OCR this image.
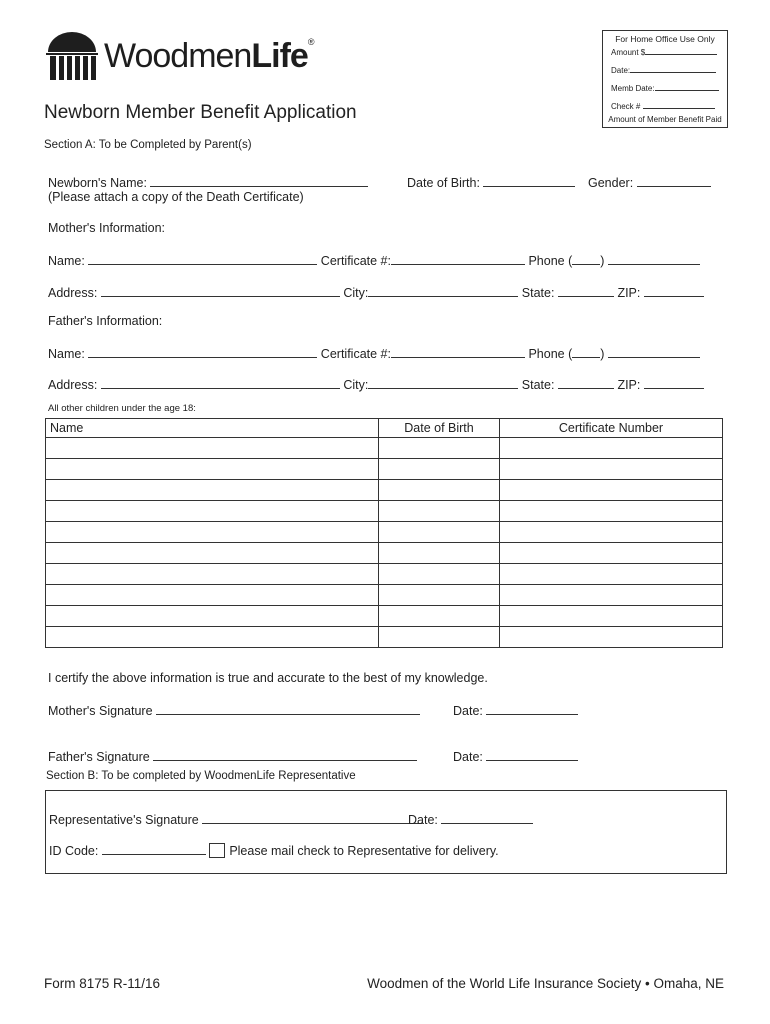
WoodmenLife®	For Home Office Use Only
Amount $
Date:
Memb Date:
Check #
Amount of Member Benefit Paid
Newborn Member Benefit Application
Section A: To be Completed by Parent(s)
Newborn's Name:
(Please attach a copy of the Death Certificate)
Date of Birth:	Gender:
Mother's Information:
Name:	Certificate #:	Phone ( )
Address:	City:	State:	ZIP:
Father's Information:
Name:	Certificate #:	Phone ( )
Address:	City:	State:	ZIP:
All other children under the age 18:
Name	Date of Birth	Certificate Number

I certify the above information is true and accurate to the best of my knowledge.
Mother's Signature	Date:
Father's Signature	Date:
Section B: To be completed by WoodmenLife Representative
Representative's Signature	Date:
ID Code:	Please mail check to Representative for delivery.
Form 8175 R-11/16	Woodmen of the World Life Insurance Society • Omaha, NE
